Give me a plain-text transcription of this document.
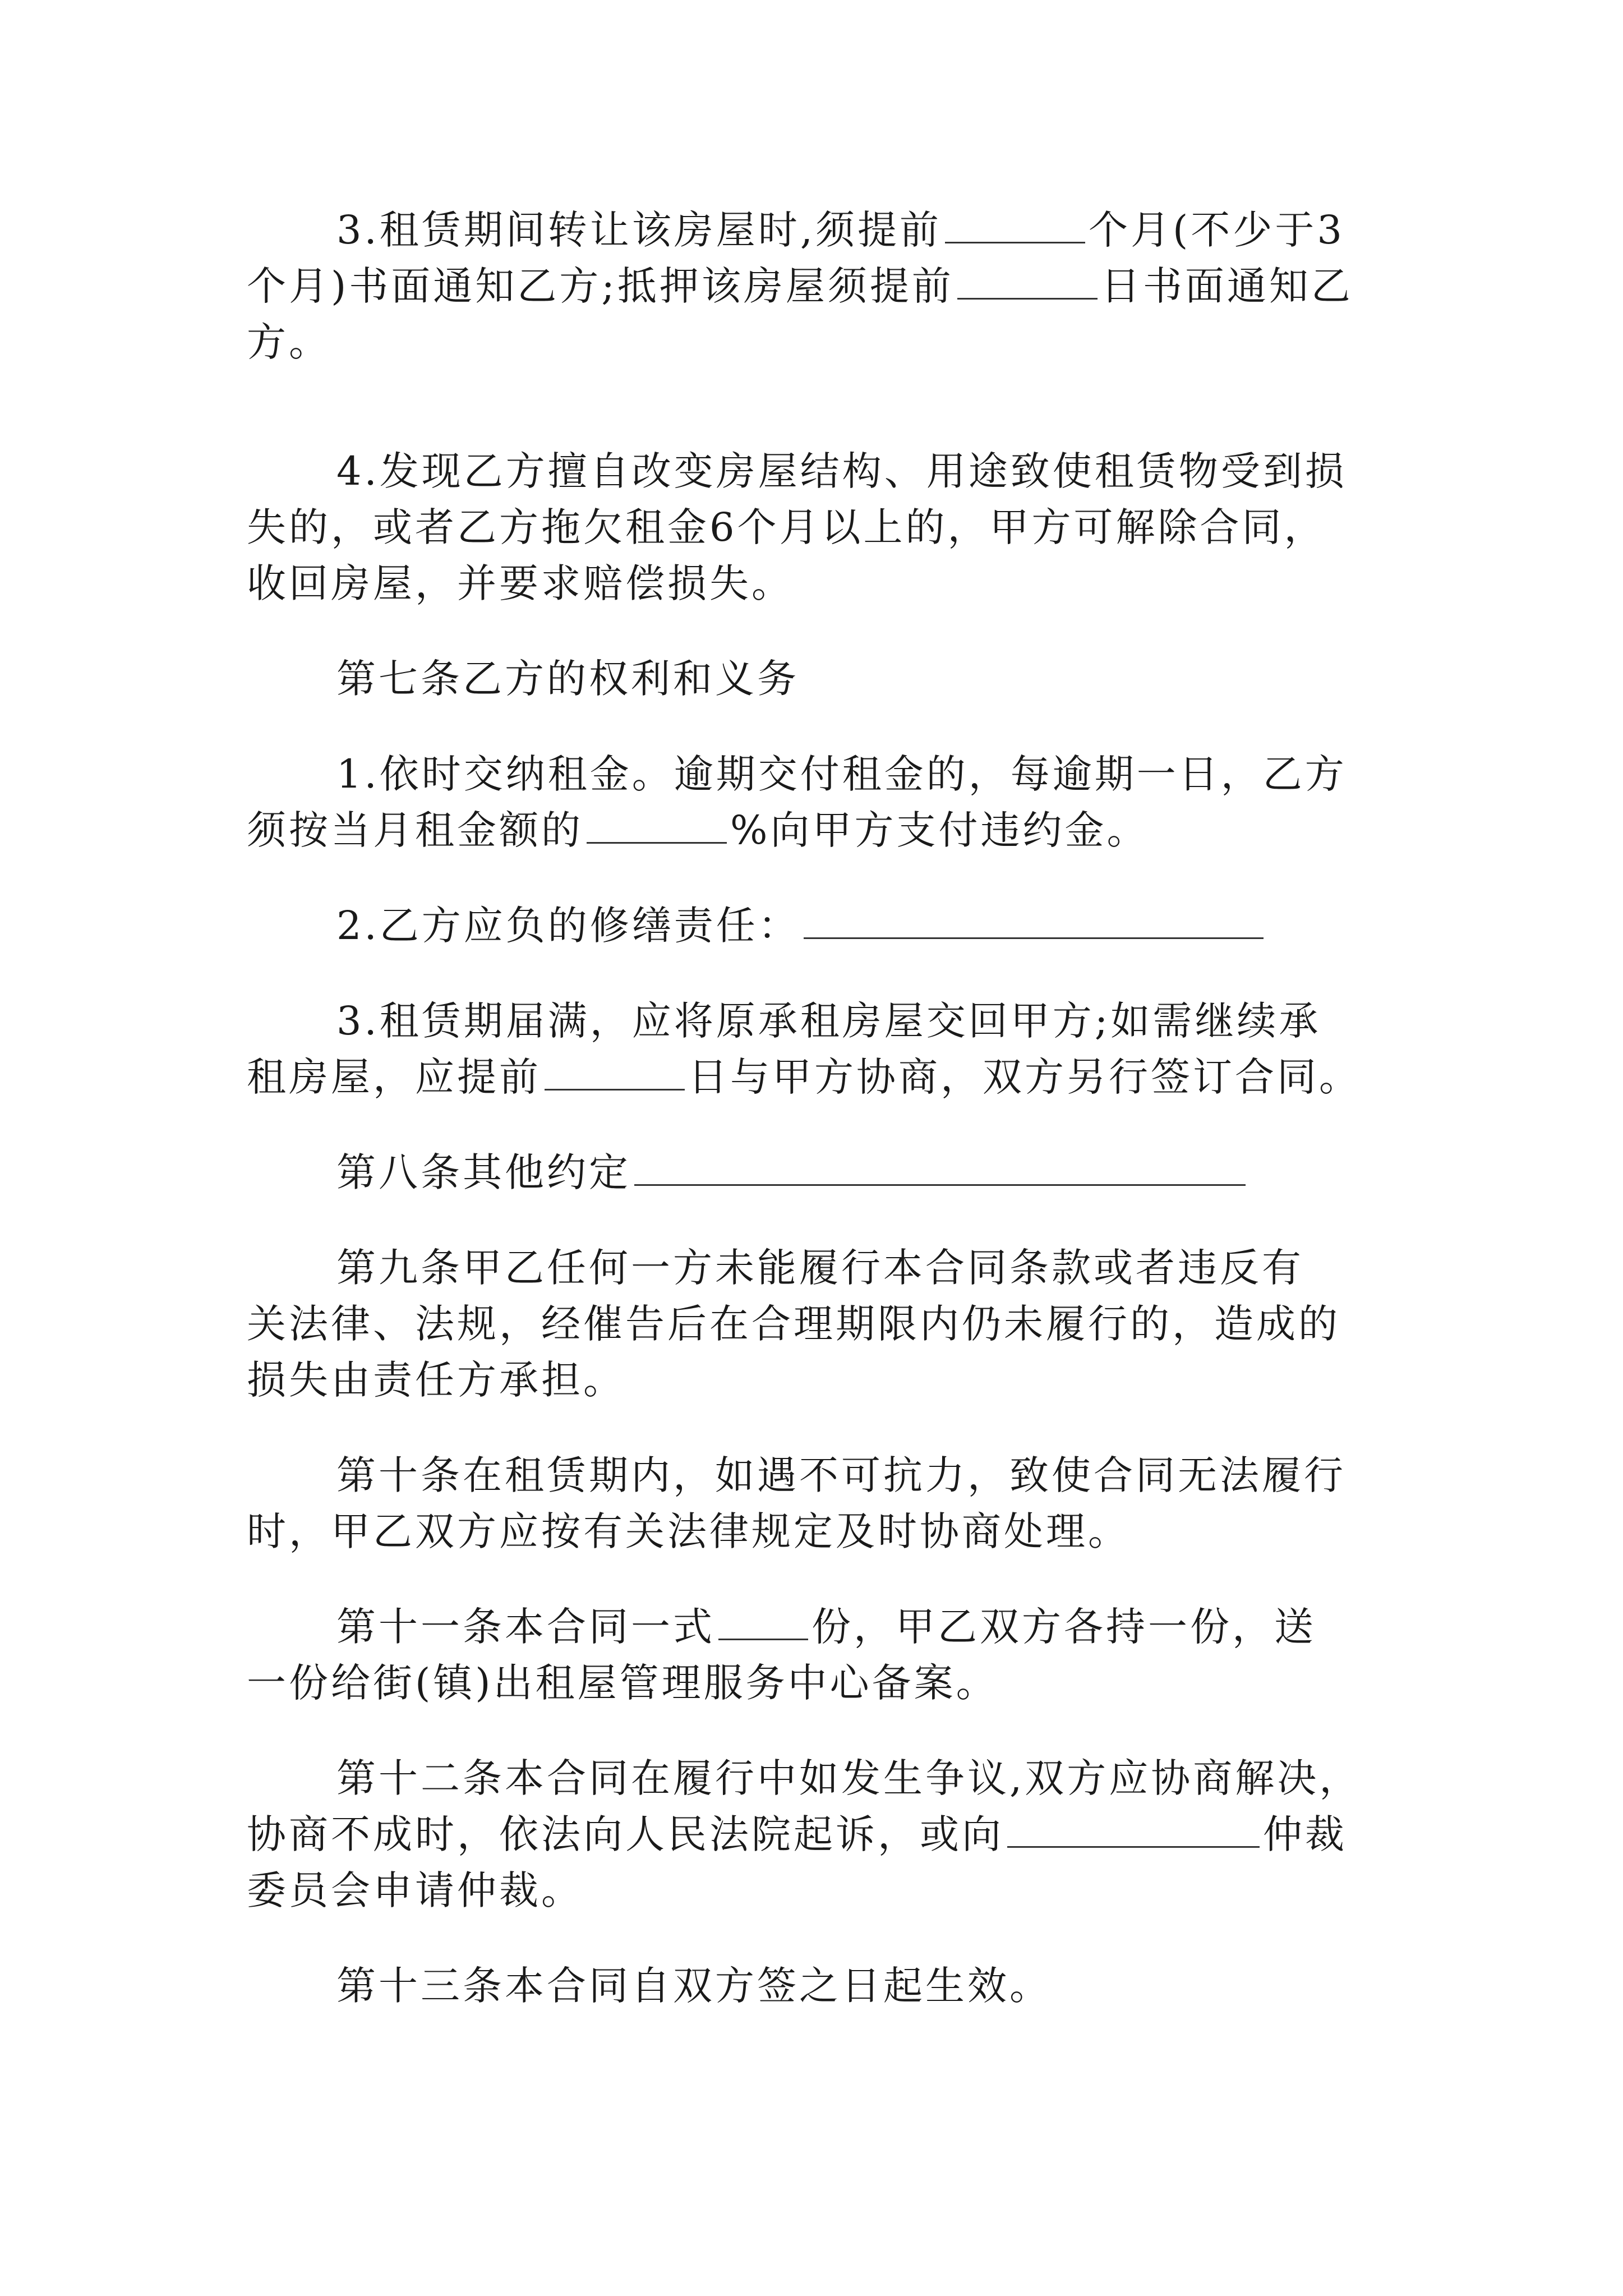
3.租赁期间转让该房屋时,须提前	个月(不少于3
个月)书面通知乙方;抵押该房屋须提前	日书面通知乙
方。
4.发现乙方擅自改变房屋结构、用途致使租赁物受到损
失的，或者乙方拖欠租金6个月以上的，甲方可解除合同，
收回房屋，并要求赔偿损失。
第七条乙方的权利和义务
1.依时交纳租金。逾期交付租金的，每逾期一日，乙方
须按当月租金额的	%向甲方支付违约金。
2.乙方应负的修缮责任：
3.租赁期届满，应将原承租房屋交回甲方;如需继续承
租房屋，应提前	日与甲方协商，双方另行签订合同。
第八条其他约定
第九条甲乙任何一方未能履行本合同条款或者违反有
关法律、法规，经催告后在合理期限内仍未履行的，造成的
损失由责任方承担。
第十条在租赁期内，如遇不可抗力，致使合同无法履行
时，甲乙双方应按有关法律规定及时协商处理。
第十一条本合同一式 份，甲乙双方各持一份，送
一份给街(镇)出租屋管理服务中心备案。
第十二条本合同在履行中如发生争议,双方应协商解决，
协商不成时，依法向人民法院起诉，或向	仲裁
委员会申请仲裁。
第十三条本合同自双方签之日起生效。
